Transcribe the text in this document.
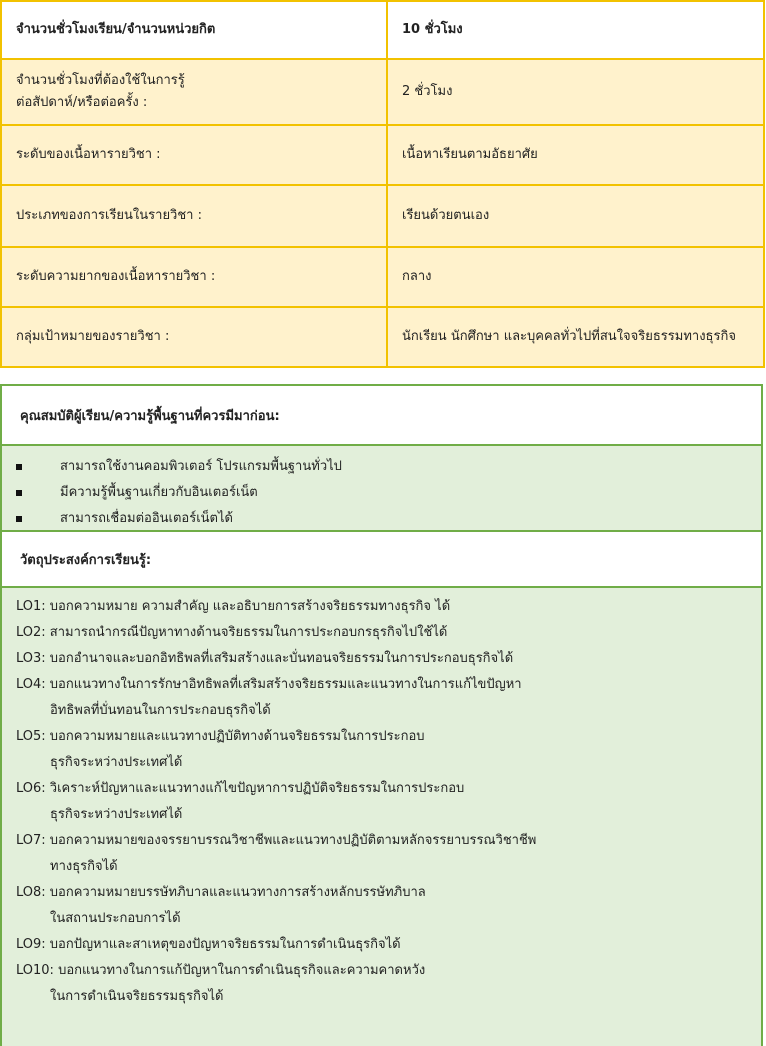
จำนวนชั่วโมงเรียน/จำนวนหน่วยกิต	10 ชั่วโมง
จำนวนชั่วโมงที่ต้องใช้ในการรู้
ต่อสัปดาห์/หรือต่อครั้ง :	2 ชั่วโมง
ระดับของเนื้อหารายวิชา :	เนื้อหาเรียนตามอัธยาศัย
ประเภทของการเรียนในรายวิชา :	เรียนด้วยตนเอง
ระดับความยากของเนื้อหารายวิชา :	กลาง
กลุ่มเป้าหมายของรายวิชา :	นักเรียน นักศึกษา และบุคคลทั่วไปที่สนใจจริยธรรมทางธุรกิจ
คุณสมบัติผู้เรียน/ความรู้พื้นฐานที่ควรมีมาก่อน:
สามารถใช้งานคอมพิวเตอร์ โปรแกรมพื้นฐานทั่วไป
มีความรู้พื้นฐานเกี่ยวกับอินเตอร์เน็ต
สามารถเชื่อมต่ออินเตอร์เน็ตได้
วัตถุประสงค์การเรียนรู้:
LO1: บอกความหมาย ความสำคัญ และอธิบายการสร้างจริยธรรมทางธุรกิจ ได้
LO2: สามารถนำกรณีปัญหาทางด้านจริยธรรมในการประกอบกรธุรกิจไปใช้ได้
LO3: บอกอำนาจและบอกอิทธิพลที่เสริมสร้างและบั่นทอนจริยธรรมในการประกอบธุรกิจได้
LO4: บอกแนวทางในการรักษาอิทธิพลที่เสริมสร้างจริยธรรมและแนวทางในการแก้ไขปัญหา
อิทธิพลที่บั่นทอนในการประกอบธุรกิจได้
LO5: บอกความหมายและแนวทางปฏิบัติทางด้านจริยธรรมในการประกอบ
ธุรกิจระหว่างประเทศได้
LO6: วิเคราะห์ปัญหาและแนวทางแก้ไขปัญหาการปฏิบัติจริยธรรมในการประกอบ
ธุรกิจระหว่างประเทศได้
LO7: บอกความหมายของจรรยาบรรณวิชาชีพและแนวทางปฏิบัติตามหลักจรรยาบรรณวิชาชีพ
ทางธุรกิจได้
LO8: บอกความหมายบรรษัทภิบาลและแนวทางการสร้างหลักบรรษัทภิบาล
ในสถานประกอบการได้
LO9: บอกปัญหาและสาเหตุของปัญหาจริยธรรมในการดำเนินธุรกิจได้
LO10: บอกแนวทางในการแก้ปัญหาในการดำเนินธุรกิจและความคาดหวัง
ในการดำเนินจริยธรรมธุรกิจได้
